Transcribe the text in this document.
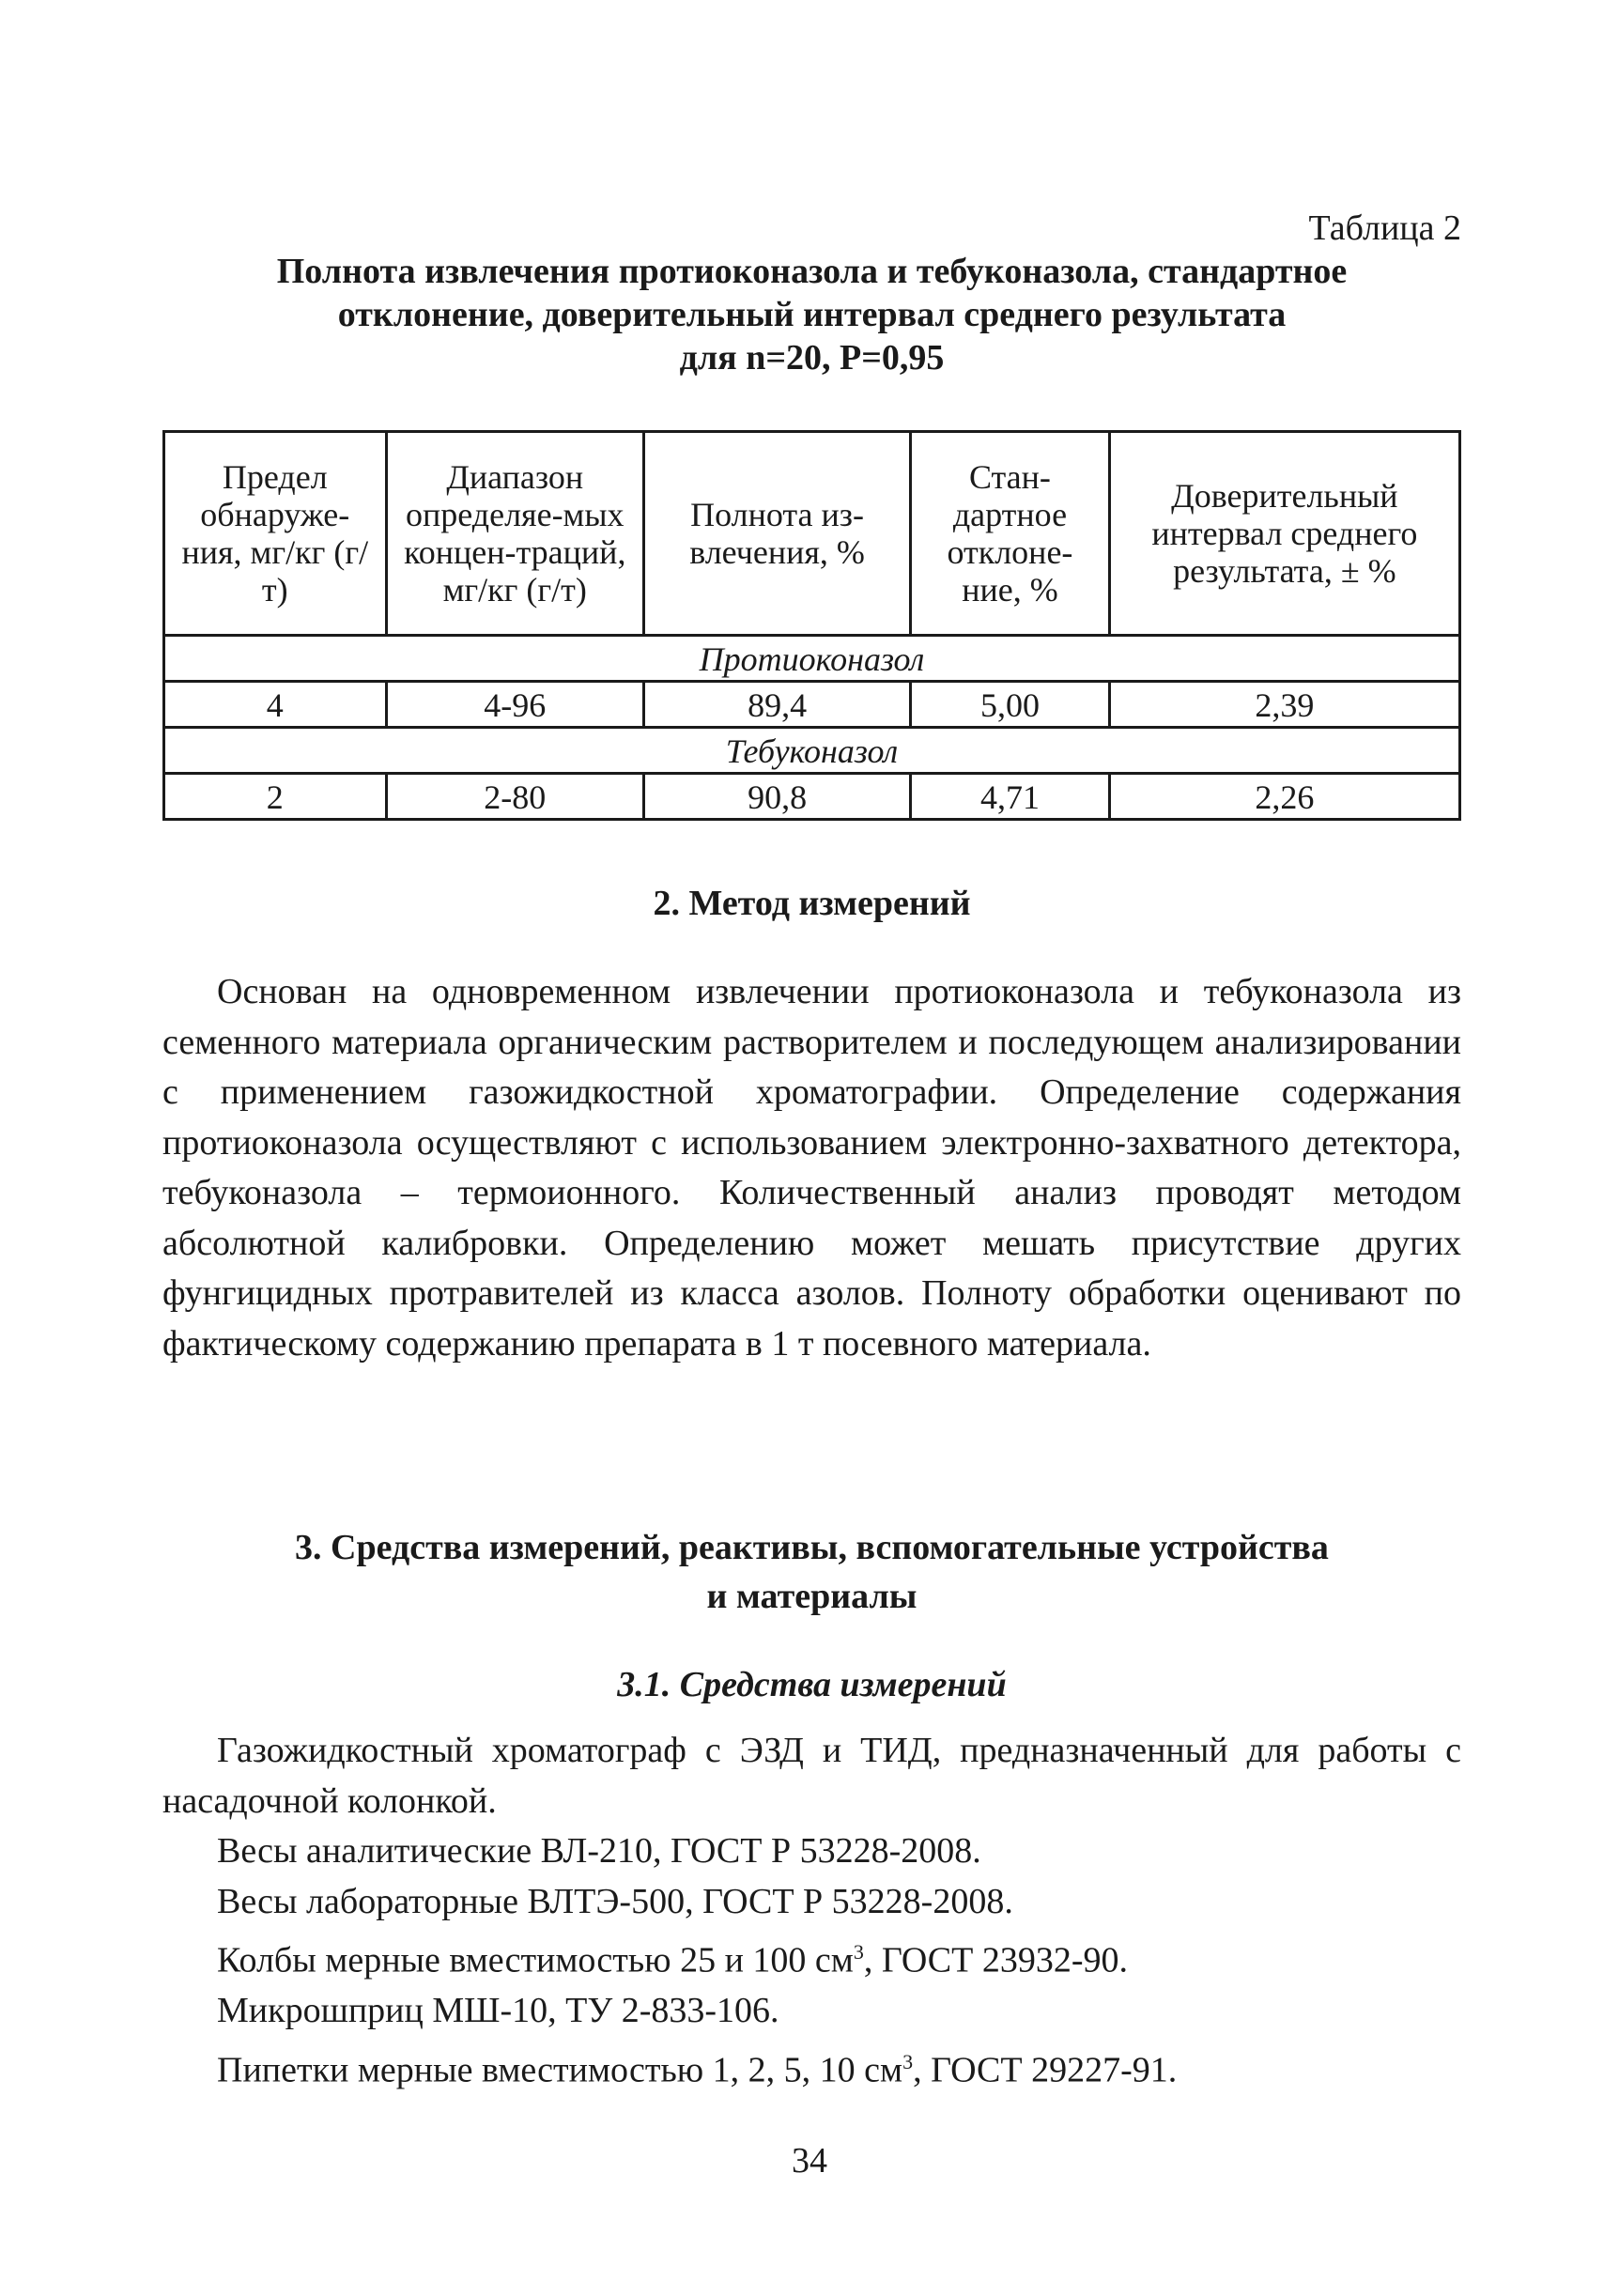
Таблица 2
Полнота извлечения протиоконазола и тебуконазола, стандартное
отклонение, доверительный интервал среднего результата
для n=20, P=0,95
Предел обнаруже-ния, мг/кг (г/т)	Диапазон определяе-мых концен-траций, мг/кг (г/т)	Полнота из-влечения, %	Стан-дартное отклоне-ние, %	Доверительный интервал среднего результата, ± %
Протиоконазол				
4	4-96	89,4	5,00	2,39
Тебуконазол				
2	2-80	90,8	4,71	2,26
2. Метод измерений

Основан на одновременном извлечении протиоконазола и тебуконазола из семенного материала органическим растворителем и последующем анализировании с применением газожидкостной хроматографии. Определение содержания протиоконазола осуществляют с использованием электронно-захватного детектора, тебуконазола – термоионного. Количественный анализ проводят методом абсолютной калибровки. Определению может мешать присутствие других фунгицидных протравителей из класса азолов. Полноту обработки оценивают по фактическому содержанию препарата в 1 т посевного материала.

3. Средства измерений, реактивы, вспомогательные устройства
и материалы
3.1. Средства измерений

Газожидкостный хроматограф с ЭЗД и ТИД, предназначенный для работы с насадочной колонкой.

Весы аналитические ВЛ-210, ГОСТ Р 53228-2008.

Весы лабораторные ВЛТЭ-500, ГОСТ Р 53228-2008.

Колбы мерные вместимостью 25 и 100 $см^3$, ГОСТ 23932-90.

Микрошприц МШ-10, ТУ 2-833-106.

Пипетки мерные вместимостью 1, 2, 5, 10 $см^3$, ГОСТ 29227-91.

34
